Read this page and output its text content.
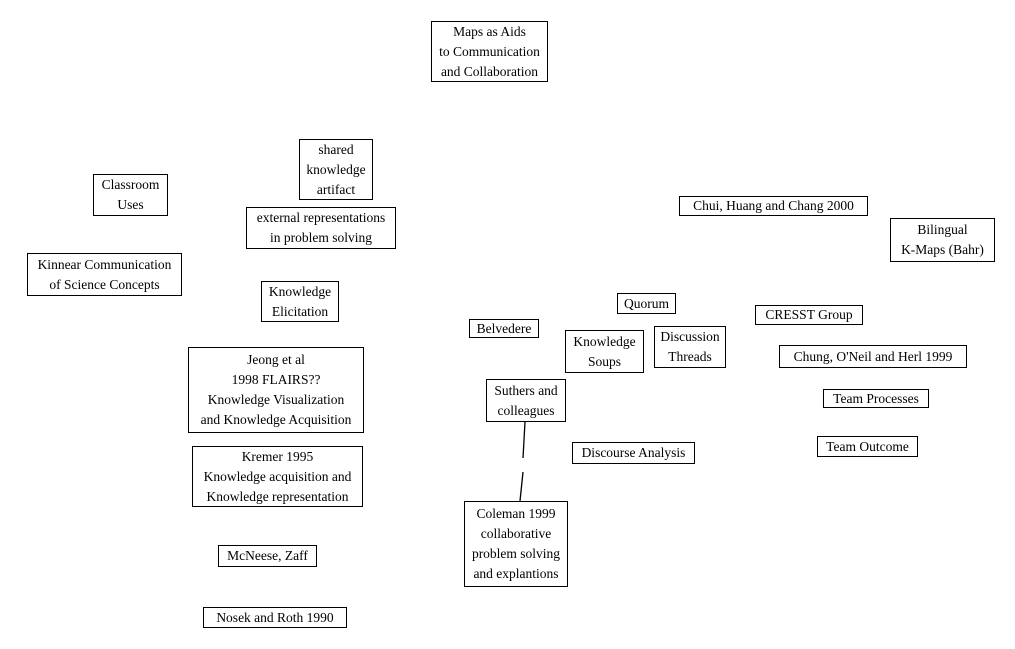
Maps as Aids
to Communication
and Collaboration
shared
knowledge
artifact
Classroom
Uses
external representations
in problem solving
Kinnear Communication
of Science Concepts	Knowledge
Elicitation
Jeong et al
1998 FLAIRS??
Knowledge Visualization
and Knowledge Acquisition
Kremer 1995
Knowledge acquisition and
Knowledge representation
McNeese, Zaff
Nosek and Roth 1990
Belvedere
Quorum
Knowledge
Soups
Discussion
Threads
Suthers and
colleagues
Discourse Analysis
Coleman 1999
collaborative
problem solving
and explantions
Chui, Huang and Chang 2000
Bilingual
K-Maps (Bahr)
CRESST Group
Chung, O'Neil and Herl 1999
Team Processes
Team Outcome
